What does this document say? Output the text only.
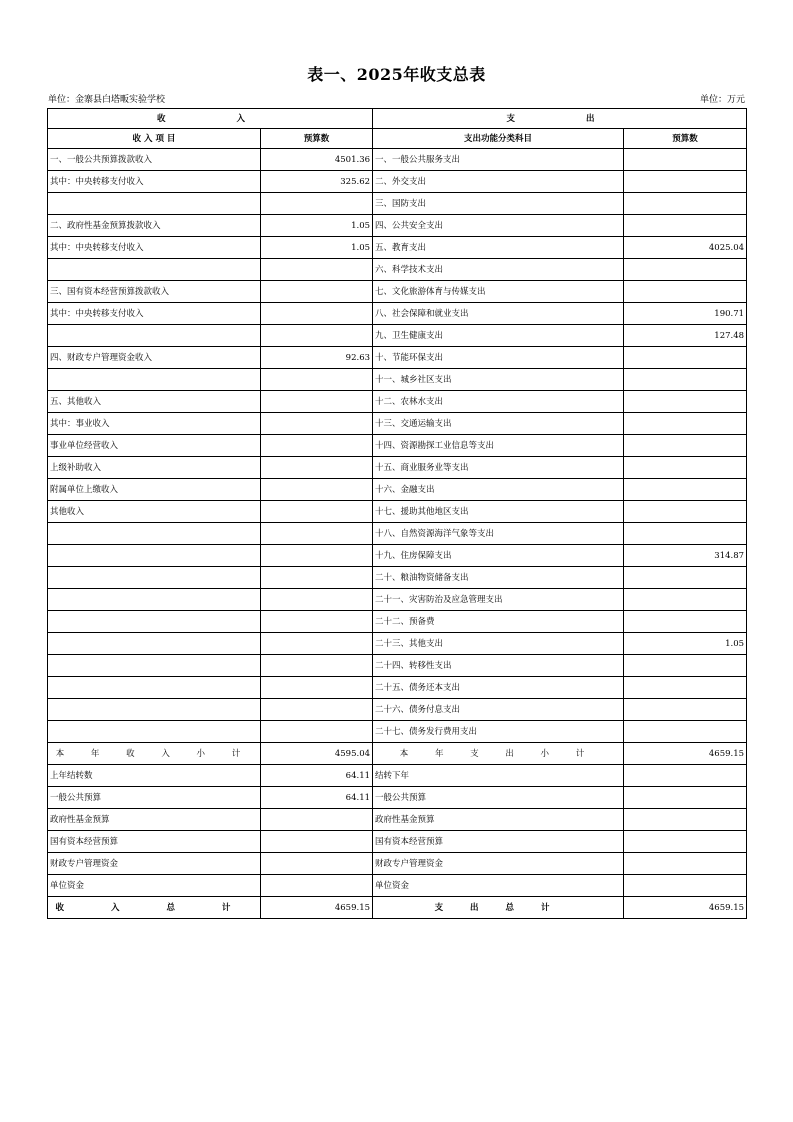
表一、2025年收支总表
单位：金寨县白塔畈实验学校	单位：万元
收　　入		支　　出	
收 入 项 目	预算数	支出功能分类科目	预算数
一、一般公共预算拨款收入	4501.36	一、一般公共服务支出	
其中：中央转移支付收入	325.62	二、外交支出	
		三、国防支出	
二、政府性基金预算拨款收入	1.05	四、公共安全支出	
其中：中央转移支付收入	1.05	五、教育支出	4025.04
		六、科学技术支出	
三、国有资本经营预算拨款收入		七、文化旅游体育与传媒支出	
其中：中央转移支付收入		八、社会保障和就业支出	190.71
		九、卫生健康支出	127.48
四、财政专户管理资金收入	92.63	十、节能环保支出	
		十一、城乡社区支出	
五、其他收入		十二、农林水支出	
其中：事业收入		十三、交通运输支出	
事业单位经营收入		十四、资源勘探工业信息等支出	
上级补助收入		十五、商业服务业等支出	
附属单位上缴收入		十六、金融支出	
其他收入		十七、援助其他地区支出	
		十八、自然资源海洋气象等支出	
		十九、住房保障支出	314.87
		二十、粮油物资储备支出	
		二十一、灾害防治及应急管理支出	
		二十二、预备费	
		二十三、其他支出	1.05
		二十四、转移性支出	
		二十五、债务还本支出	
		二十六、债务付息支出	
		二十七、债务发行费用支出	
本 年 收 入 小 计	4595.04	本 年 支 出 小 计	4659.15
上年结转数	64.11	结转下年	
一般公共预算	64.11	一般公共预算	
政府性基金预算		政府性基金预算	
国有资本经营预算		国有资本经营预算	
财政专户管理资金		财政专户管理资金	
单位资金		单位资金	
收 入 总 计	4659.15	支 出 总 计	4659.15
